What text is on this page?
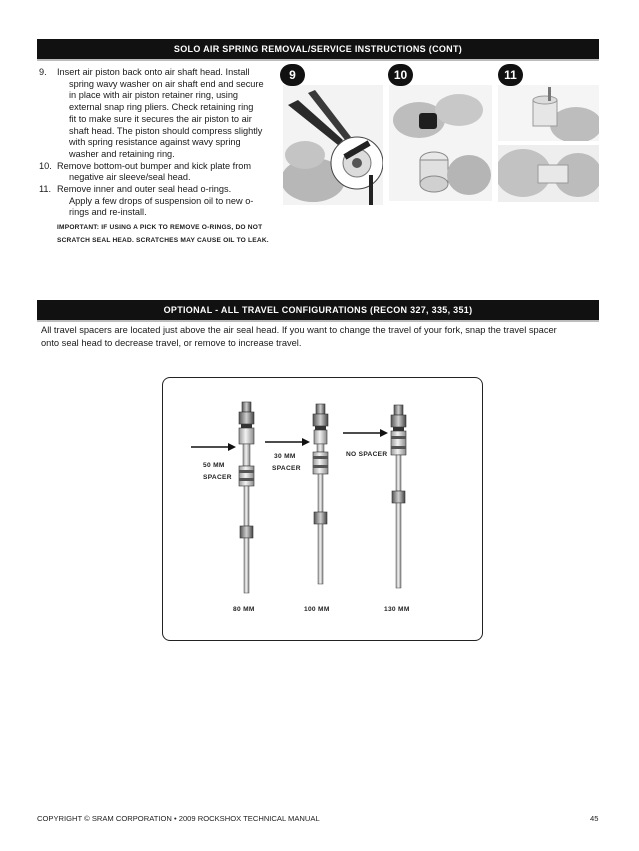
SOLO AIR SPRING REMOVAL/SERVICE INSTRUCTIONS (CONT)
9. Insert air piston back onto air shaft head. Install
spring wavy washer on air shaft end and secure
in place with air piston retainer ring, using
external snap ring pliers. Check retaining ring
fit to make sure it secures the air piston to air
shaft head. The piston should compress slightly
with spring resistance against wavy spring
washer and retaining ring.
10. Remove bottom-out bumper and kick plate from
negative air sleeve/seal head.
11. Remove inner and outer seal head o-rings.
Apply a few drops of suspension oil to new o-
rings and re-install.
IMPORTANT: IF USING A PICK TO REMOVE O-RINGS, DO NOT
SCRATCH SEAL HEAD. SCRATCHES MAY CAUSE OIL TO LEAK.
9	10	11
OPTIONAL - ALL TRAVEL CONFIGURATIONS (RECON 327, 335, 351)
All travel spacers are located just above the air seal head. If you want to change the travel of your fork, snap the travel spacer
onto seal head to decrease travel, or remove to increase travel.
50 MM
SPACER
30 MM
SPACER
NO SPACER
80 MM	100 MM	130 MM
COPYRIGHT © SRAM CORPORATION • 2009 ROCKSHOX TECHNICAL MANUAL	45
